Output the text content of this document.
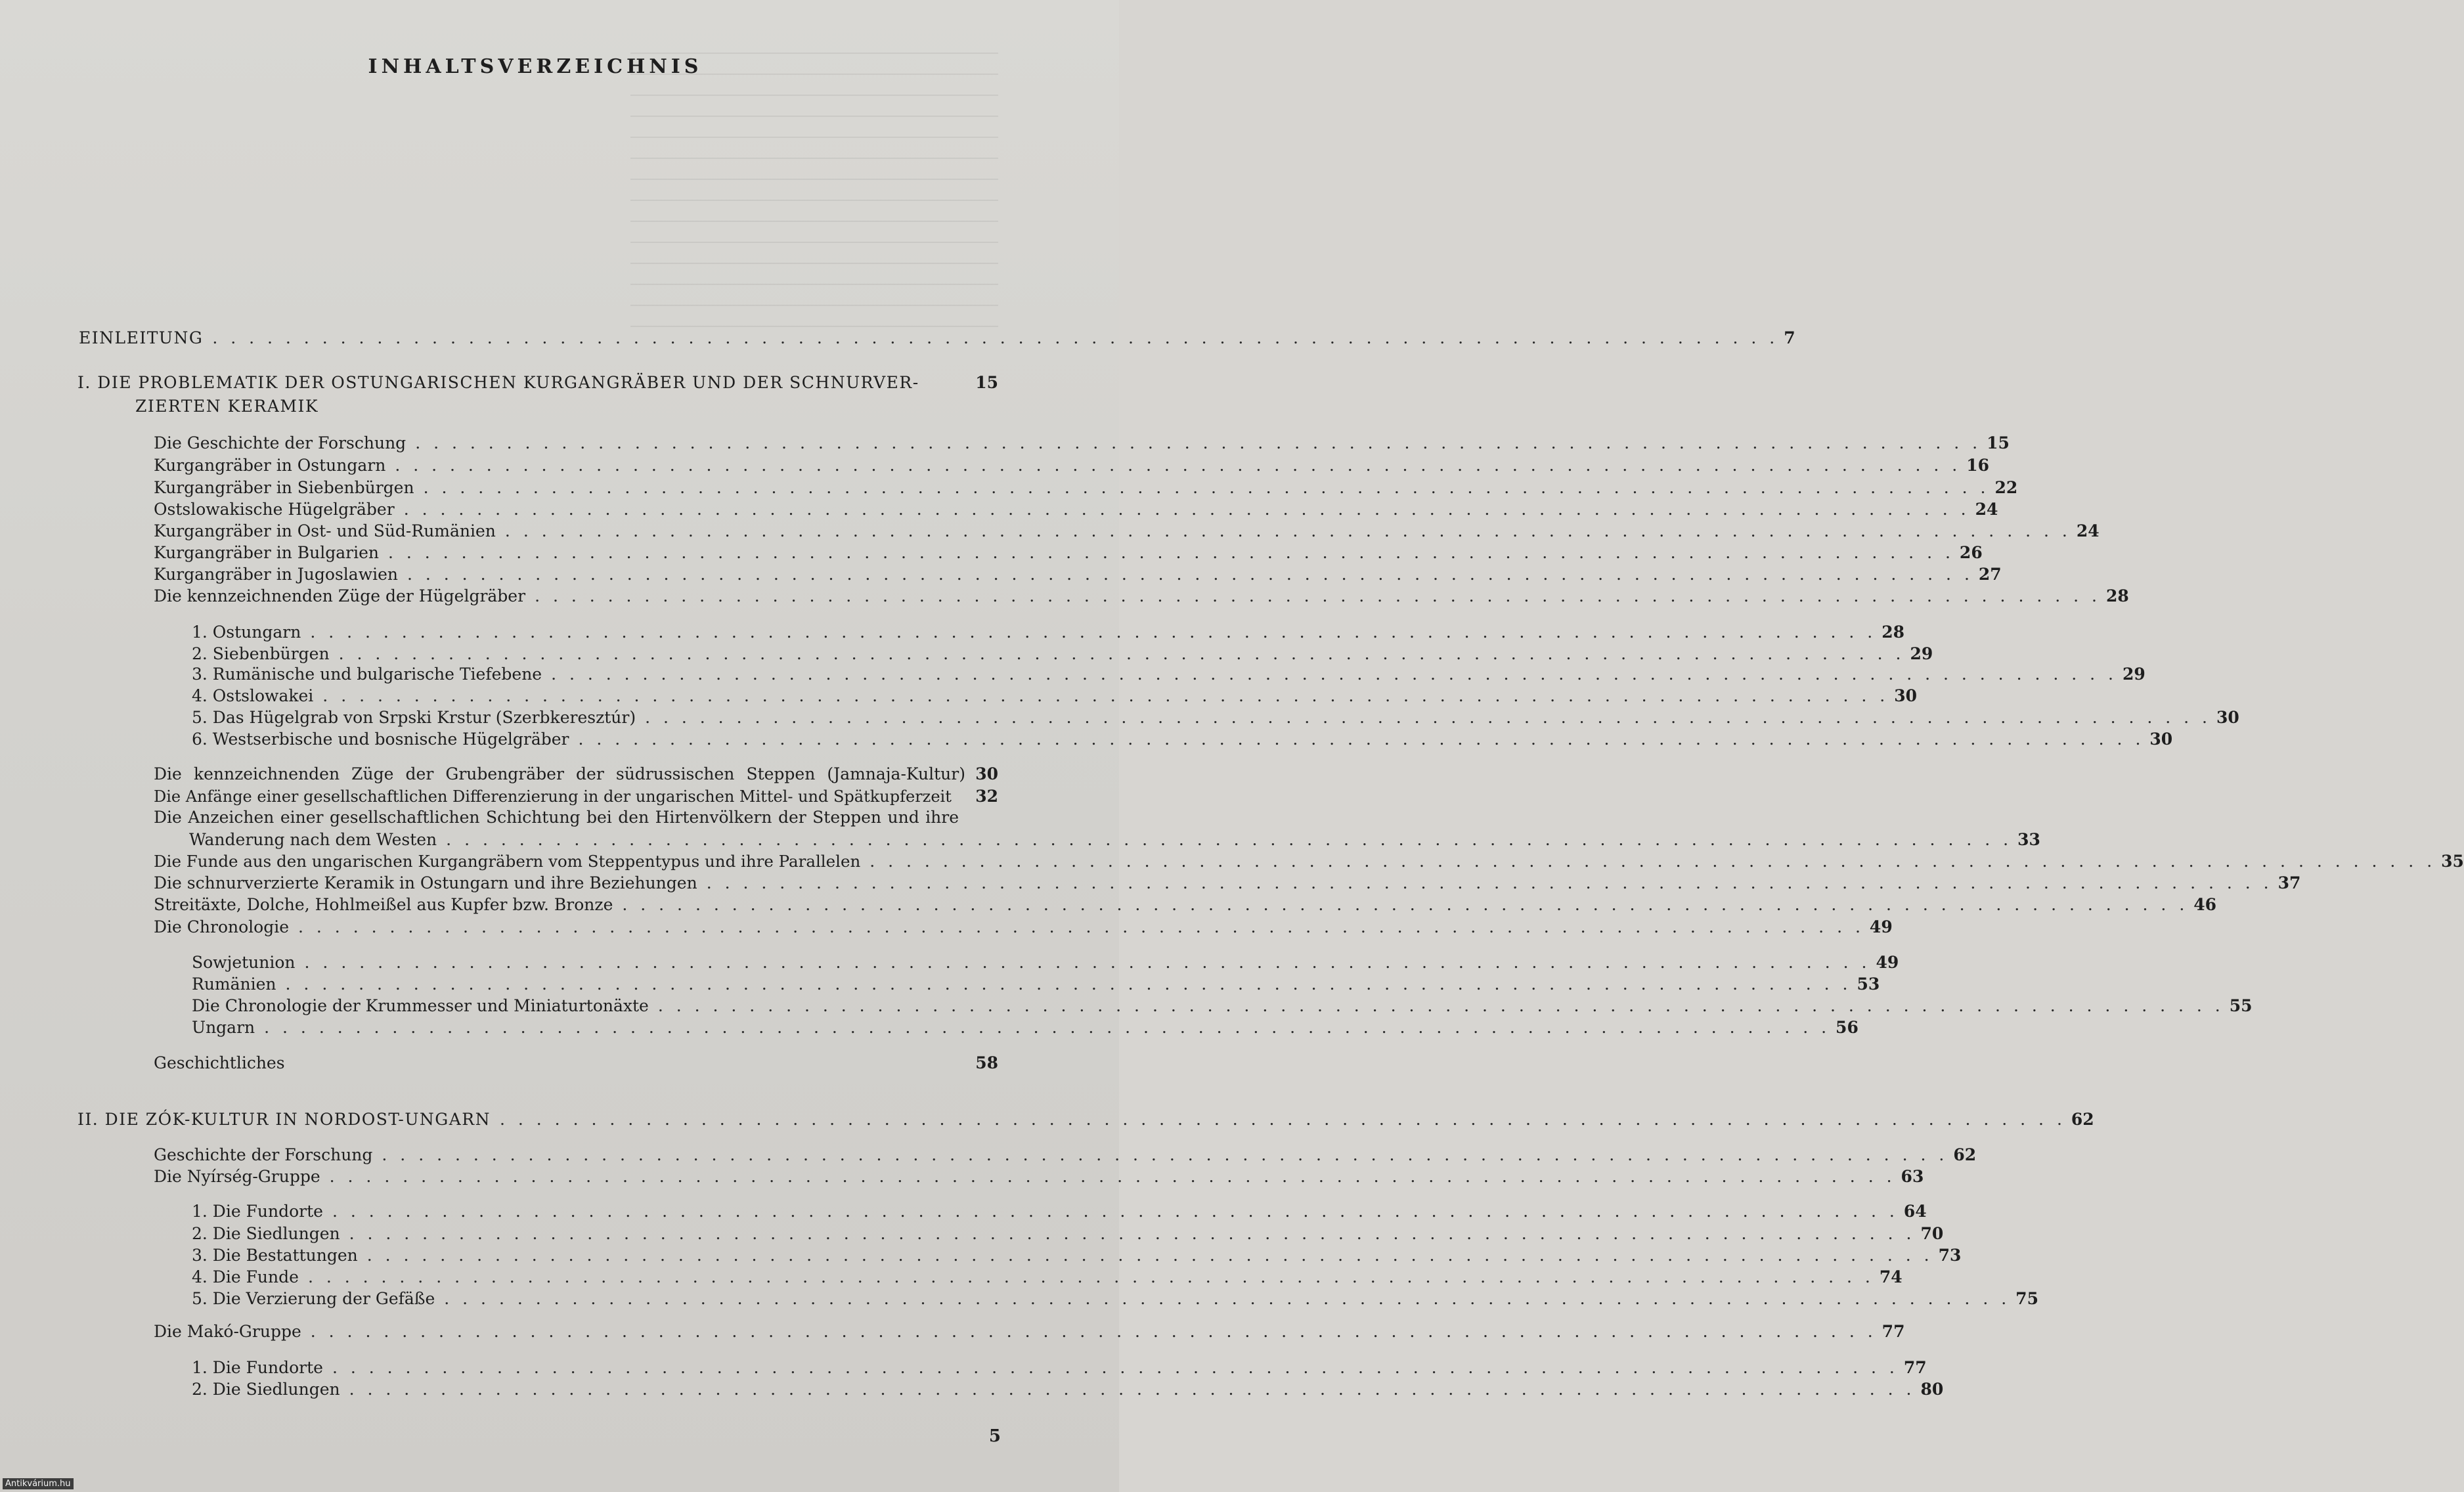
INHALTSVERZEICHNIS
EINLEITUNG . . . . . . . . . . . . . . . . . . . . . . . . . . . . . . . . . . . . . . . . . . . . . . . . . . . . . . . . . . . . . . . . . . . . . . . . . . . . . . . . . . . . . . 7
I. DIE PROBLEMATIK DER OSTUNGARISCHEN KURGANGRÄBER UND DER SCHNURVER-	15
ZIERTEN KERAMIK
Die Geschichte der Forschung . . . . . . . . . . . . . . . . . . . . . . . . . . . . . . . . . . . . . . . . . . . . . . . . . . . . . . . . . . . . . . . . . . . . . . . . . . . . . . . . . . . . . . 15
Kurgangräber in Ostungarn . . . . . . . . . . . . . . . . . . . . . . . . . . . . . . . . . . . . . . . . . . . . . . . . . . . . . . . . . . . . . . . . . . . . . . . . . . . . . . . . . . . . . . 16
Kurgangräber in Siebenbürgen . . . . . . . . . . . . . . . . . . . . . . . . . . . . . . . . . . . . . . . . . . . . . . . . . . . . . . . . . . . . . . . . . . . . . . . . . . . . . . . . . . . . . . 22
Ostslowakische Hügelgräber . . . . . . . . . . . . . . . . . . . . . . . . . . . . . . . . . . . . . . . . . . . . . . . . . . . . . . . . . . . . . . . . . . . . . . . . . . . . . . . . . . . . . . 24
Kurgangräber in Ost- und Süd-Rumänien . . . . . . . . . . . . . . . . . . . . . . . . . . . . . . . . . . . . . . . . . . . . . . . . . . . . . . . . . . . . . . . . . . . . . . . . . . . . . . . . . . . . . . 24
Kurgangräber in Bulgarien . . . . . . . . . . . . . . . . . . . . . . . . . . . . . . . . . . . . . . . . . . . . . . . . . . . . . . . . . . . . . . . . . . . . . . . . . . . . . . . . . . . . . . 26
Kurgangräber in Jugoslawien . . . . . . . . . . . . . . . . . . . . . . . . . . . . . . . . . . . . . . . . . . . . . . . . . . . . . . . . . . . . . . . . . . . . . . . . . . . . . . . . . . . . . . 27
Die kennzeichnenden Züge der Hügelgräber . . . . . . . . . . . . . . . . . . . . . . . . . . . . . . . . . . . . . . . . . . . . . . . . . . . . . . . . . . . . . . . . . . . . . . . . . . . . . . . . . . . . . . 28
1. Ostungarn . . . . . . . . . . . . . . . . . . . . . . . . . . . . . . . . . . . . . . . . . . . . . . . . . . . . . . . . . . . . . . . . . . . . . . . . . . . . . . . . . . . . . . 28
2. Siebenbürgen . . . . . . . . . . . . . . . . . . . . . . . . . . . . . . . . . . . . . . . . . . . . . . . . . . . . . . . . . . . . . . . . . . . . . . . . . . . . . . . . . . . . . . 29
3. Rumänische und bulgarische Tiefebene . . . . . . . . . . . . . . . . . . . . . . . . . . . . . . . . . . . . . . . . . . . . . . . . . . . . . . . . . . . . . . . . . . . . . . . . . . . . . . . . . . . . . . 29
4. Ostslowakei . . . . . . . . . . . . . . . . . . . . . . . . . . . . . . . . . . . . . . . . . . . . . . . . . . . . . . . . . . . . . . . . . . . . . . . . . . . . . . . . . . . . . . 30
5. Das Hügelgrab von Srpski Krstur (Szerbkeresztúr) . . . . . . . . . . . . . . . . . . . . . . . . . . . . . . . . . . . . . . . . . . . . . . . . . . . . . . . . . . . . . . . . . . . . . . . . . . . . . . . . . . . . . . 30
6. Westserbische und bosnische Hügelgräber . . . . . . . . . . . . . . . . . . . . . . . . . . . . . . . . . . . . . . . . . . . . . . . . . . . . . . . . . . . . . . . . . . . . . . . . . . . . . . . . . . . . . . 30
Die kennzeichnenden Züge der Grubengräber der südrussischen Steppen (Jamnaja-Kultur) 30
Die Anfänge einer gesellschaftlichen Differenzierung in der ungarischen Mittel- und Spätkupferzeit	32
Die Anzeichen einer gesellschaftlichen Schichtung bei den Hirtenvölkern der Steppen und ihre
Wanderung nach dem Westen . . . . . . . . . . . . . . . . . . . . . . . . . . . . . . . . . . . . . . . . . . . . . . . . . . . . . . . . . . . . . . . . . . . . . . . . . . . . . . . . . . . . . . 33
Die Funde aus den ungarischen Kurgangräbern vom Steppentypus und ihre Parallelen . . . . . . . . . . . . . . . . . . . . . . . . . . . . . . . . . . . . . . . . . . . . . . . . . . . . . . . . . . . . . . . . . . . . . . . . . . . . . . . . . . . . . . 35
Die schnurverzierte Keramik in Ostungarn und ihre Beziehungen . . . . . . . . . . . . . . . . . . . . . . . . . . . . . . . . . . . . . . . . . . . . . . . . . . . . . . . . . . . . . . . . . . . . . . . . . . . . . . . . . . . . . . 37
Streitäxte, Dolche, Hohlmeißel aus Kupfer bzw. Bronze . . . . . . . . . . . . . . . . . . . . . . . . . . . . . . . . . . . . . . . . . . . . . . . . . . . . . . . . . . . . . . . . . . . . . . . . . . . . . . . . . . . . . . 46
Die Chronologie . . . . . . . . . . . . . . . . . . . . . . . . . . . . . . . . . . . . . . . . . . . . . . . . . . . . . . . . . . . . . . . . . . . . . . . . . . . . . . . . . . . . . . 49
Sowjetunion . . . . . . . . . . . . . . . . . . . . . . . . . . . . . . . . . . . . . . . . . . . . . . . . . . . . . . . . . . . . . . . . . . . . . . . . . . . . . . . . . . . . . . 49
Rumänien . . . . . . . . . . . . . . . . . . . . . . . . . . . . . . . . . . . . . . . . . . . . . . . . . . . . . . . . . . . . . . . . . . . . . . . . . . . . . . . . . . . . . . 53
Die Chronologie der Krummesser und Miniaturtonäxte . . . . . . . . . . . . . . . . . . . . . . . . . . . . . . . . . . . . . . . . . . . . . . . . . . . . . . . . . . . . . . . . . . . . . . . . . . . . . . . . . . . . . . 55
Ungarn . . . . . . . . . . . . . . . . . . . . . . . . . . . . . . . . . . . . . . . . . . . . . . . . . . . . . . . . . . . . . . . . . . . . . . . . . . . . . . . . . . . . . . 56
Geschichtliches	58
II. DIE ZÓK-KULTUR IN NORDOST-UNGARN . . . . . . . . . . . . . . . . . . . . . . . . . . . . . . . . . . . . . . . . . . . . . . . . . . . . . . . . . . . . . . . . . . . . . . . . . . . . . . . . . . . . . . 62
Geschichte der Forschung . . . . . . . . . . . . . . . . . . . . . . . . . . . . . . . . . . . . . . . . . . . . . . . . . . . . . . . . . . . . . . . . . . . . . . . . . . . . . . . . . . . . . . 62
Die Nyírség-Gruppe . . . . . . . . . . . . . . . . . . . . . . . . . . . . . . . . . . . . . . . . . . . . . . . . . . . . . . . . . . . . . . . . . . . . . . . . . . . . . . . . . . . . . . 63
1. Die Fundorte . . . . . . . . . . . . . . . . . . . . . . . . . . . . . . . . . . . . . . . . . . . . . . . . . . . . . . . . . . . . . . . . . . . . . . . . . . . . . . . . . . . . . . 64
2. Die Siedlungen . . . . . . . . . . . . . . . . . . . . . . . . . . . . . . . . . . . . . . . . . . . . . . . . . . . . . . . . . . . . . . . . . . . . . . . . . . . . . . . . . . . . . . 70
3. Die Bestattungen . . . . . . . . . . . . . . . . . . . . . . . . . . . . . . . . . . . . . . . . . . . . . . . . . . . . . . . . . . . . . . . . . . . . . . . . . . . . . . . . . . . . . . 73
4. Die Funde . . . . . . . . . . . . . . . . . . . . . . . . . . . . . . . . . . . . . . . . . . . . . . . . . . . . . . . . . . . . . . . . . . . . . . . . . . . . . . . . . . . . . . 74
5. Die Verzierung der Gefäße . . . . . . . . . . . . . . . . . . . . . . . . . . . . . . . . . . . . . . . . . . . . . . . . . . . . . . . . . . . . . . . . . . . . . . . . . . . . . . . . . . . . . . 75
Die Makó-Gruppe . . . . . . . . . . . . . . . . . . . . . . . . . . . . . . . . . . . . . . . . . . . . . . . . . . . . . . . . . . . . . . . . . . . . . . . . . . . . . . . . . . . . . . 77
1. Die Fundorte . . . . . . . . . . . . . . . . . . . . . . . . . . . . . . . . . . . . . . . . . . . . . . . . . . . . . . . . . . . . . . . . . . . . . . . . . . . . . . . . . . . . . . 77
2. Die Siedlungen . . . . . . . . . . . . . . . . . . . . . . . . . . . . . . . . . . . . . . . . . . . . . . . . . . . . . . . . . . . . . . . . . . . . . . . . . . . . . . . . . . . . . . 80
5
Antikvárium.hu
